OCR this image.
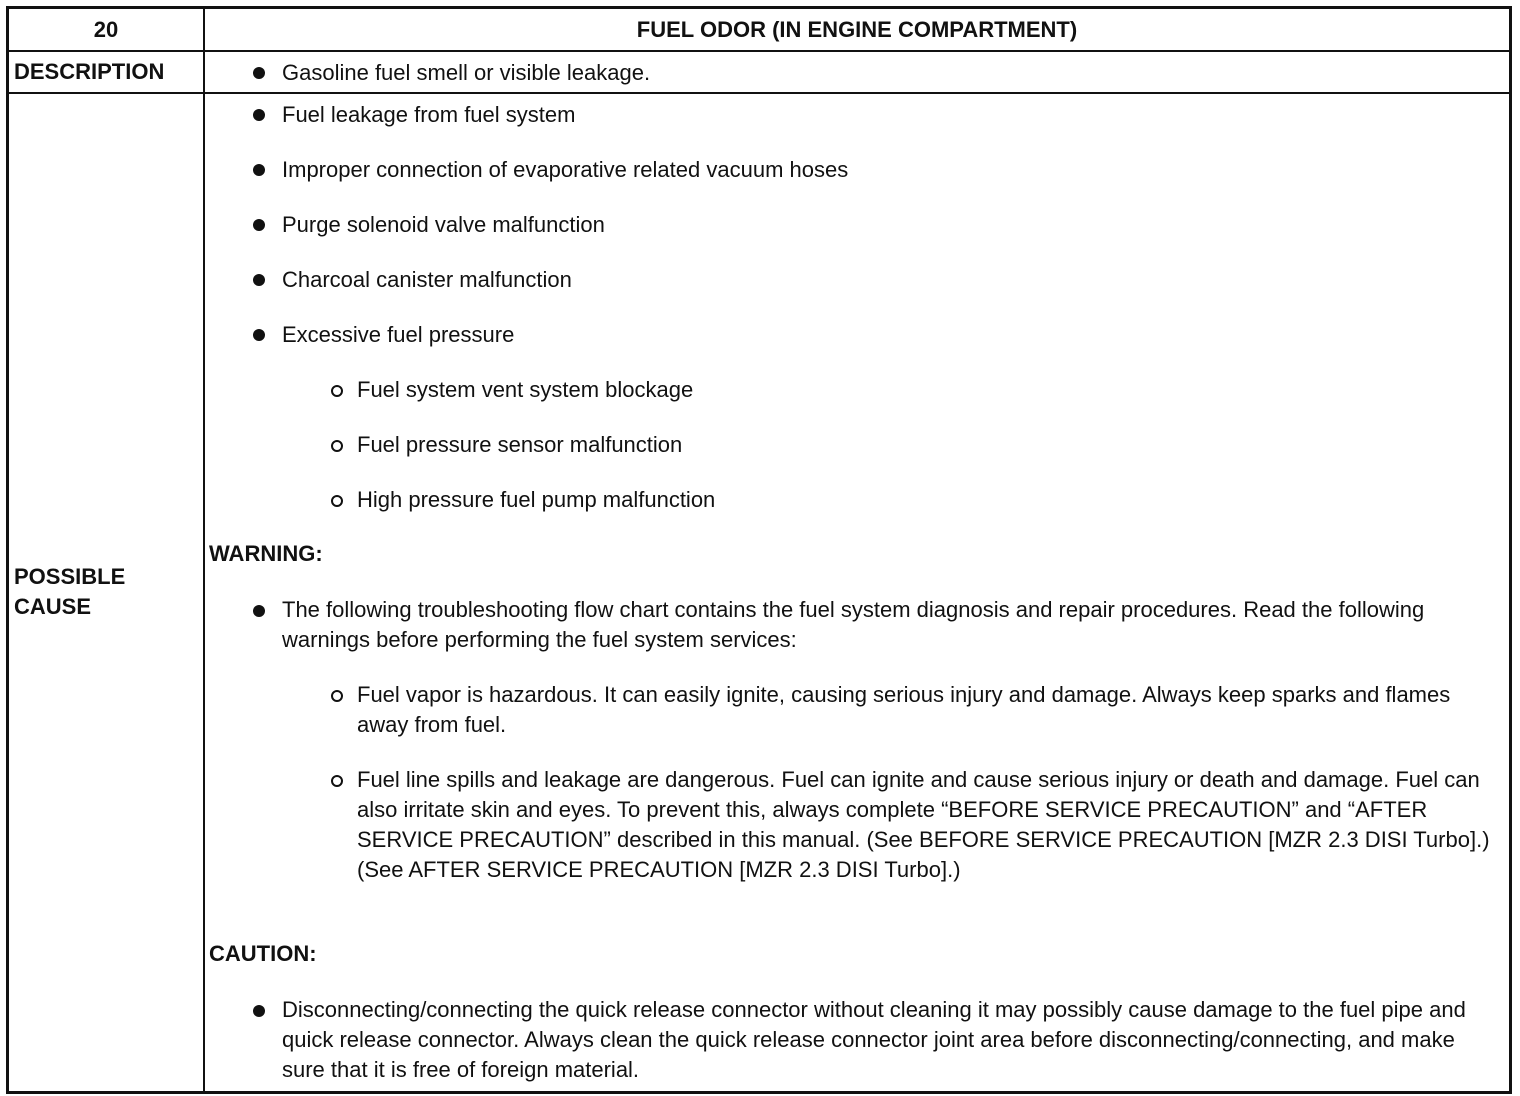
20	FUEL ODOR (IN ENGINE COMPARTMENT)
DESCRIPTION	Gasoline fuel smell or visible leakage.
POSSIBLE
CAUSE
Fuel leakage from fuel system
Improper connection of evaporative related vacuum hoses
Purge solenoid valve malfunction
Charcoal canister malfunction
Excessive fuel pressure
Fuel system vent system blockage
Fuel pressure sensor malfunction
High pressure fuel pump malfunction
WARNING:
The following troubleshooting flow chart contains the fuel system diagnosis and repair procedures. Read the following warnings before performing the fuel system services:
Fuel vapor is hazardous. It can easily ignite, causing serious injury and damage. Always keep sparks and flames away from fuel.
Fuel line spills and leakage are dangerous. Fuel can ignite and cause serious injury or death and damage. Fuel can also irritate skin and eyes. To prevent this, always complete “BEFORE SERVICE PRECAUTION” and “AFTER SERVICE PRECAUTION” described in this manual. (See BEFORE SERVICE PRECAUTION [MZR 2.3 DISI Turbo].) (See AFTER SERVICE PRECAUTION [MZR 2.3 DISI Turbo].)
CAUTION:
Disconnecting/connecting the quick release connector without cleaning it may possibly cause damage to the fuel pipe and quick release connector. Always clean the quick release connector joint area before disconnecting/connecting, and make sure that it is free of foreign material.
